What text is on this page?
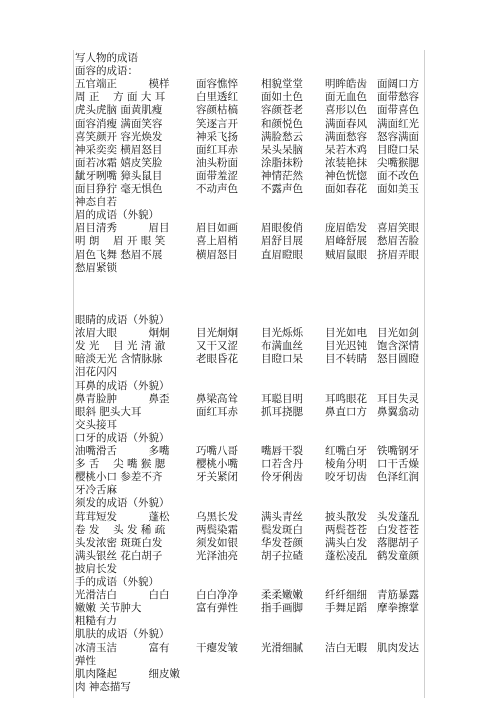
写人物的成语
面容的成语：
五官端正　　　模样	面容憔悴 相貌堂堂 明眸皓齿 面阔口方
周 正　 方 面 大 耳	白里透红 面如土色 面无血色 面带愁容
虎头虎脑 面黄肌瘦	容颜枯槁 容颜苍老 喜形以色 面带喜色
面容消瘦 满面笑容	笑逐言开 和颜悦色 满面春风 满面红光
喜笑颜开 容光焕发	神采飞扬 满脸愁云 满面愁容 怒容满面
神采奕奕 横眉怒目	面红耳赤 呆头呆脑 呆若木鸡 目瞪口呆
面若冰霜 嬉皮笑脸	油头粉面 涂脂抹粉 浓装艳抹 尖嘴猴腮
龇牙咧嘴 獐头鼠目	面带羞涩 神情茫然 神色恍惚 面不改色
面目狰狞 毫无惧色	不动声色 不露声色 面如春花 面如美玉
神态自若
眉的成语（外貌）
眉目清秀　　　眉目	眉目如画 眉眼俊俏 庞眉皓发 喜眉笑眼
明 朗　 眉 开 眼 笑	喜上眉梢 眉舒目展 眉峰舒展 愁眉苦脸
眉色飞舞 愁眉不展	横眉怒目 直眉瞪眼 贼眉鼠眼 挤眉弄眼
愁眉紧锁
眼睛的成语（外貌）
浓眉大眼　　　炯炯	目光炯炯 目光烁烁 目光如电 目光如剑
发 光　 目 光 清 澈	又干又涩 布满血丝 目光迟钝 饱含深情
暗淡无光 含情脉脉	老眼昏花 目瞪口呆 目不转睛 怒目圆瞪
泪花闪闪
耳鼻的成语（外貌）
鼻青脸肿　　　鼻歪	鼻梁高耸 耳聪目明 耳鸣眼花 耳目失灵
眼斜 肥头大耳	面红耳赤 抓耳挠腮 鼻直口方 鼻翼翕动
交头接耳
口牙的成语（外貌）
油嘴滑舌　　　多嘴	巧嘴八哥 嘴唇干裂 红嘴白牙 铁嘴钢牙
多 舌　 尖 嘴 猴 腮	樱桃小嘴 口若含丹 棱角分明 口干舌燥
樱桃小口 参差不齐	牙关紧闭 伶牙俐齿 咬牙切齿 色泽红润
牙冷舌麻
须发的成语（外貌）
茸茸短发　　　蓬松	乌黑长发 满头青丝 披头散发 头发蓬乱
卷 发　 头 发 稀 疏	两鬓染霜 鬓发斑白 两鬓苍苍 白发苍苍
头发浓密 斑斑白发	须发如银 华发苍颜 满头白发 落腮胡子
满头银丝 花白胡子	光泽油亮 胡子拉碴 蓬松凌乱 鹤发童颜
披肩长发
手的成语（外貌）
光滑洁白　　　白白	白白净净 柔柔嫩嫩 纤纤细细 青筋暴露
嫩嫩 关节肿大	富有弹性 指手画脚 手舞足蹈 摩拳擦掌
粗糙有力
肌肤的成语（外貌）
冰清玉洁　　　富有	干瘪发皱 光滑细腻 洁白无暇 肌肉发达
弹性
肌肉隆起　　　细皮嫩
肉 神态描写
